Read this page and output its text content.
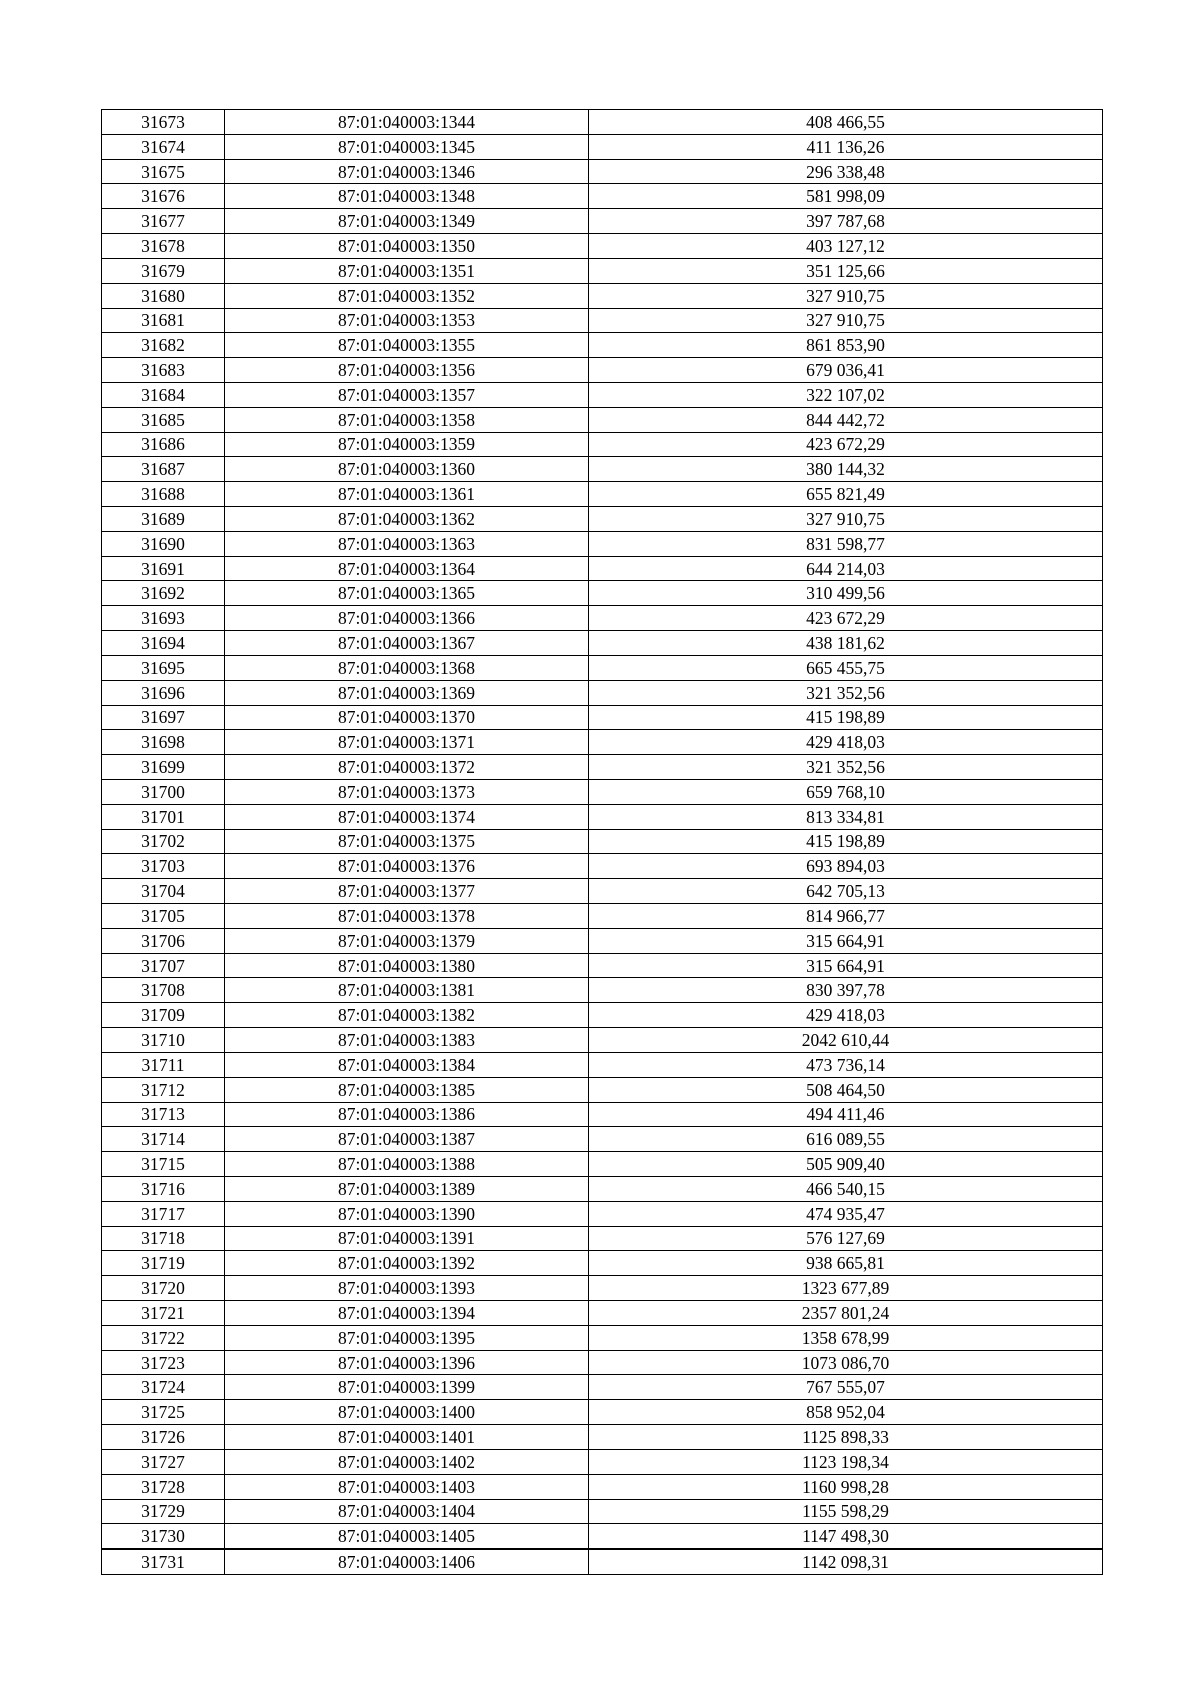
31673	87:01:040003:1344	408 466,55
31674	87:01:040003:1345	411 136,26
31675	87:01:040003:1346	296 338,48
31676	87:01:040003:1348	581 998,09
31677	87:01:040003:1349	397 787,68
31678	87:01:040003:1350	403 127,12
31679	87:01:040003:1351	351 125,66
31680	87:01:040003:1352	327 910,75
31681	87:01:040003:1353	327 910,75
31682	87:01:040003:1355	861 853,90
31683	87:01:040003:1356	679 036,41
31684	87:01:040003:1357	322 107,02
31685	87:01:040003:1358	844 442,72
31686	87:01:040003:1359	423 672,29
31687	87:01:040003:1360	380 144,32
31688	87:01:040003:1361	655 821,49
31689	87:01:040003:1362	327 910,75
31690	87:01:040003:1363	831 598,77
31691	87:01:040003:1364	644 214,03
31692	87:01:040003:1365	310 499,56
31693	87:01:040003:1366	423 672,29
31694	87:01:040003:1367	438 181,62
31695	87:01:040003:1368	665 455,75
31696	87:01:040003:1369	321 352,56
31697	87:01:040003:1370	415 198,89
31698	87:01:040003:1371	429 418,03
31699	87:01:040003:1372	321 352,56
31700	87:01:040003:1373	659 768,10
31701	87:01:040003:1374	813 334,81
31702	87:01:040003:1375	415 198,89
31703	87:01:040003:1376	693 894,03
31704	87:01:040003:1377	642 705,13
31705	87:01:040003:1378	814 966,77
31706	87:01:040003:1379	315 664,91
31707	87:01:040003:1380	315 664,91
31708	87:01:040003:1381	830 397,78
31709	87:01:040003:1382	429 418,03
31710	87:01:040003:1383	2042 610,44
31711	87:01:040003:1384	473 736,14
31712	87:01:040003:1385	508 464,50
31713	87:01:040003:1386	494 411,46
31714	87:01:040003:1387	616 089,55
31715	87:01:040003:1388	505 909,40
31716	87:01:040003:1389	466 540,15
31717	87:01:040003:1390	474 935,47
31718	87:01:040003:1391	576 127,69
31719	87:01:040003:1392	938 665,81
31720	87:01:040003:1393	1323 677,89
31721	87:01:040003:1394	2357 801,24
31722	87:01:040003:1395	1358 678,99
31723	87:01:040003:1396	1073 086,70
31724	87:01:040003:1399	767 555,07
31725	87:01:040003:1400	858 952,04
31726	87:01:040003:1401	1125 898,33
31727	87:01:040003:1402	1123 198,34
31728	87:01:040003:1403	1160 998,28
31729	87:01:040003:1404	1155 598,29
31730	87:01:040003:1405	1147 498,30
31731	87:01:040003:1406	1142 098,31
